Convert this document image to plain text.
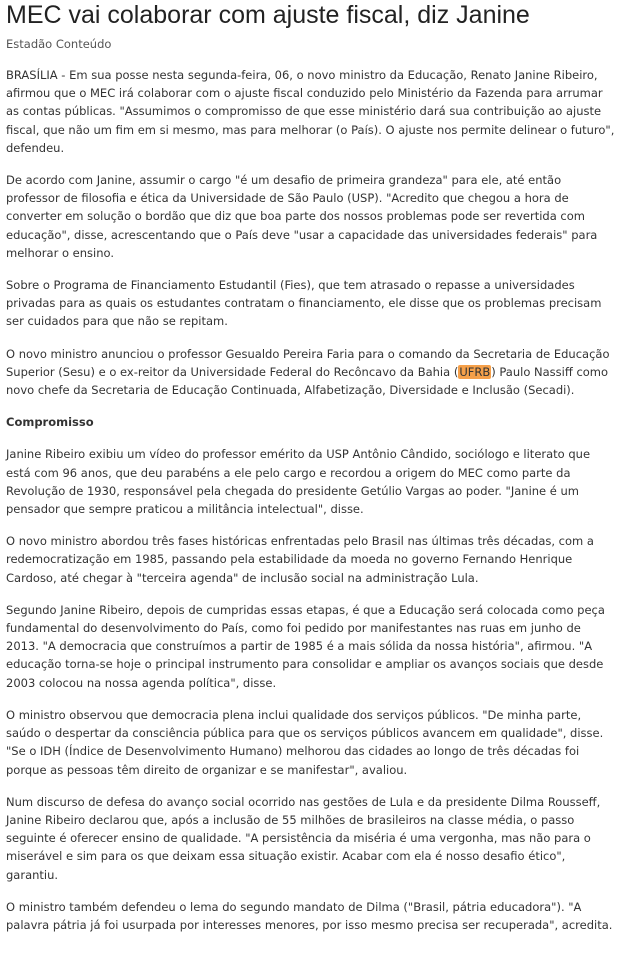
MEC vai colaborar com ajuste fiscal, diz Janine
Estadão Conteúdo

BRASÍLIA - Em sua posse nesta segunda-feira, 06, o novo ministro da Educação, Renato Janine Ribeiro, afirmou que o MEC irá colaborar com o ajuste fiscal conduzido pelo Ministério da Fazenda para arrumar as contas públicas. "Assumimos o compromisso de que esse ministério dará sua contribuição ao ajuste fiscal, que não um fim em si mesmo, mas para melhorar (o País). O ajuste nos permite delinear o futuro", defendeu.

De acordo com Janine, assumir o cargo "é um desafio de primeira grandeza" para ele, até então professor de filosofia e ética da Universidade de São Paulo (USP). "Acredito que chegou a hora de converter em solução o bordão que diz que boa parte dos nossos problemas pode ser revertida com educação", disse, acrescentando que o País deve "usar a capacidade das universidades federais" para melhorar o ensino.

Sobre o Programa de Financiamento Estudantil (Fies), que tem atrasado o repasse a universidades privadas para as quais os estudantes contratam o financiamento, ele disse que os problemas precisam ser cuidados para que não se repitam.

O novo ministro anunciou o professor Gesualdo Pereira Faria para o comando da Secretaria de Educação Superior (Sesu) e o ex-reitor da Universidade Federal do Recôncavo da Bahia (UFRB) Paulo Nassiff como novo chefe da Secretaria de Educação Continuada, Alfabetização, Diversidade e Inclusão (Secadi).

Compromisso

Janine Ribeiro exibiu um vídeo do professor emérito da USP Antônio Cândido, sociólogo e literato que está com 96 anos, que deu parabéns a ele pelo cargo e recordou a origem do MEC como parte da Revolução de 1930, responsável pela chegada do presidente Getúlio Vargas ao poder. "Janine é um pensador que sempre praticou a militância intelectual", disse.

O novo ministro abordou três fases históricas enfrentadas pelo Brasil nas últimas três décadas, com a redemocratização em 1985, passando pela estabilidade da moeda no governo Fernando Henrique Cardoso, até chegar à "terceira agenda" de inclusão social na administração Lula.

Segundo Janine Ribeiro, depois de cumpridas essas etapas, é que a Educação será colocada como peça fundamental do desenvolvimento do País, como foi pedido por manifestantes nas ruas em junho de 2013. "A democracia que construímos a partir de 1985 é a mais sólida da nossa história", afirmou. "A educação torna-se hoje o principal instrumento para consolidar e ampliar os avanços sociais que desde 2003 colocou na nossa agenda política", disse.

O ministro observou que democracia plena inclui qualidade dos serviços públicos. "De minha parte, saúdo o despertar da consciência pública para que os serviços públicos avancem em qualidade", disse. "Se o IDH (Índice de Desenvolvimento Humano) melhorou das cidades ao longo de três décadas foi porque as pessoas têm direito de organizar e se manifestar", avaliou.

Num discurso de defesa do avanço social ocorrido nas gestões de Lula e da presidente Dilma Rousseff, Janine Ribeiro declarou que, após a inclusão de 55 milhões de brasileiros na classe média, o passo seguinte é oferecer ensino de qualidade. "A persistência da miséria é uma vergonha, mas não para o miserável e sim para os que deixam essa situação existir. Acabar com ela é nosso desafio ético", garantiu.

O ministro também defendeu o lema do segundo mandato de Dilma ("Brasil, pátria educadora"). "A palavra pátria já foi usurpada por interesses menores, por isso mesmo precisa ser recuperada", acredita.
